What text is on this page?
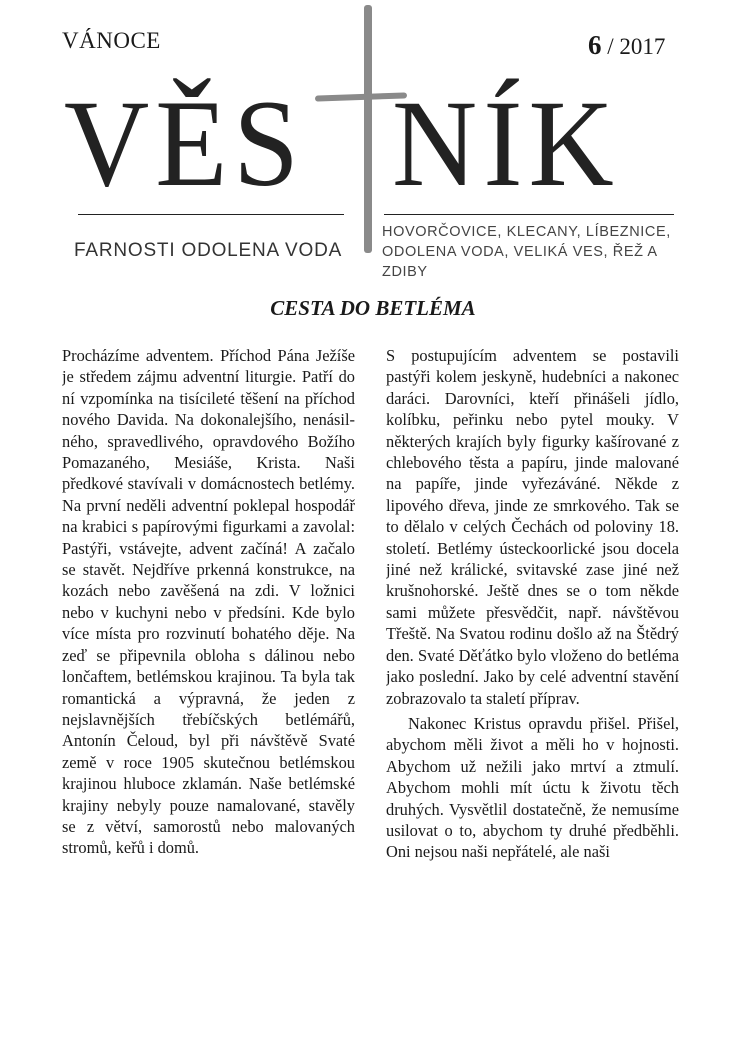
VÁNOCE	6 / 2017
VĚS NÍK
FARNOSTI ODOLENA VODA
HOVORČOVICE, KLECANY, LÍBEZNICE,
ODOLENA VODA, VELIKÁ VES, ŘEŽ A ZDIBY
CESTA DO BETLÉMA

Procházíme adventem. Příchod Pána Ježíše je středem zájmu adventní liturgie. Patří do ní vzpomínka na tisícileté těšení na příchod nového Davida. Na dokonalejšího, nenásilného, spravedlivého, opravdového Božího Pomazaného, Mesiáše, Krista. Naši předkové stavívali v domácnostech betlémy. Na první neděli adventní poklepal hospodář na krabici s papírovými figurkami a zavolal: Pastýři, vstávejte, advent začíná! A začalo se stavět. Nejdříve prkenná konstrukce, na kozách nebo zavěšená na zdi. V ložnici nebo v kuchyni nebo v předsíni. Kde bylo více místa pro rozvinutí bohatého děje. Na zeď se připevnila obloha s dálinou nebo lončaftem, betlémskou krajinou. Ta byla tak romantická a výpravná, že jeden z nejslavnějších třebíčských betlémářů, Antonín Čeloud, byl při návštěvě Svaté země v roce 1905 skutečnou betlémskou krajinou hluboce zklamán. Naše betlémské krajiny nebyly pouze namalované, stavěly se z větví, samorostů nebo malovaných stromů, keřů i domů.

S postupujícím adventem se postavili pastýři kolem jeskyně, hudebníci a nakonec daráci. Darovníci, kteří přinášeli jídlo, kolíbku, peřinku nebo pytel mouky. V některých krajích byly figurky kašírované z chlebového těsta a papíru, jinde malované na papíře, jinde vyřezáváné. Někde z lipového dřeva, jinde ze smrkového. Tak se to dělalo v celých Čechách od poloviny 18. století. Betlémy ústeckoorlické jsou docela jiné než králické, svitavské zase jiné než krušnohorské. Ještě dnes se o tom někde sami můžete přesvědčit, např. návštěvou Třeště. Na Svatou rodinu došlo až na Štědrý den. Svaté Děťátko bylo vloženo do betléma jako poslední. Jako by celé adventní stavění zobrazovalo ta staletí příprav.

Nakonec Kristus opravdu přišel. Přišel, abychom měli život a měli ho v hojnosti. Abychom už nežili jako mrtví a ztmulí. Abychom mohli mít úctu k životu těch druhých. Vysvětlil dostatečně, že nemusíme usilovat o to, abychom ty druhé předběhli. Oni nejsou naši nepřátelé, ale naši
